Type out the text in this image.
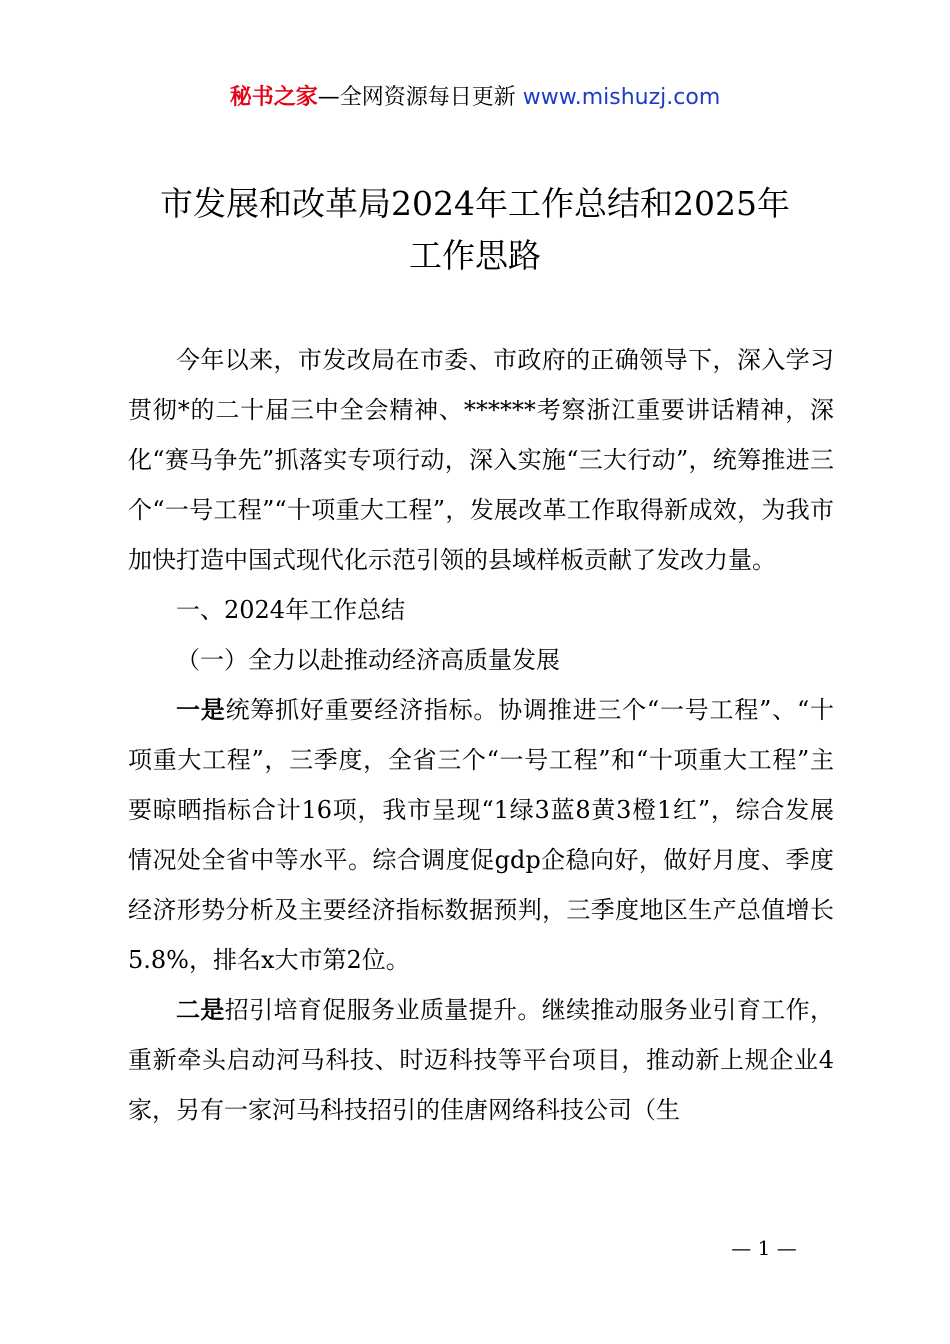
秘书之家—全网资源每日更新 www.mishuzj.com
市发展和改革局2024年工作总结和2025年
工作思路

今年以来，市发改局在市委、市政府的正确领导下，深入学习贯彻*的二十届三中全会精神、******考察浙江重要讲话精神，深化“赛马争先”抓落实专项行动，深入实施“三大行动”，统筹推进三个“一号工程”“十项重大工程”，发展改革工作取得新成效，为我市加快打造中国式现代化示范引领的县域样板贡献了发改力量。

一、2024年工作总结

（一）全力以赴推动经济高质量发展

一是统筹抓好重要经济指标。协调推进三个“一号工程”、“十项重大工程”，三季度，全省三个“一号工程”和“十项重大工程”主要晾晒指标合计16项，我市呈现“1绿3蓝8黄3橙1红”，综合发展情况处全省中等水平。综合调度促gdp企稳向好，做好月度、季度经济形势分析及主要经济指标数据预判，三季度地区生产总值增长5.8%，排名x大市第2位。

二是招引培育促服务业质量提升。继续推动服务业引育工作，重新牵头启动河马科技、时迈科技等平台项目，推动新上规企业4家，另有一家河马科技招引的佳唐网络科技公司（生

— 1 —
